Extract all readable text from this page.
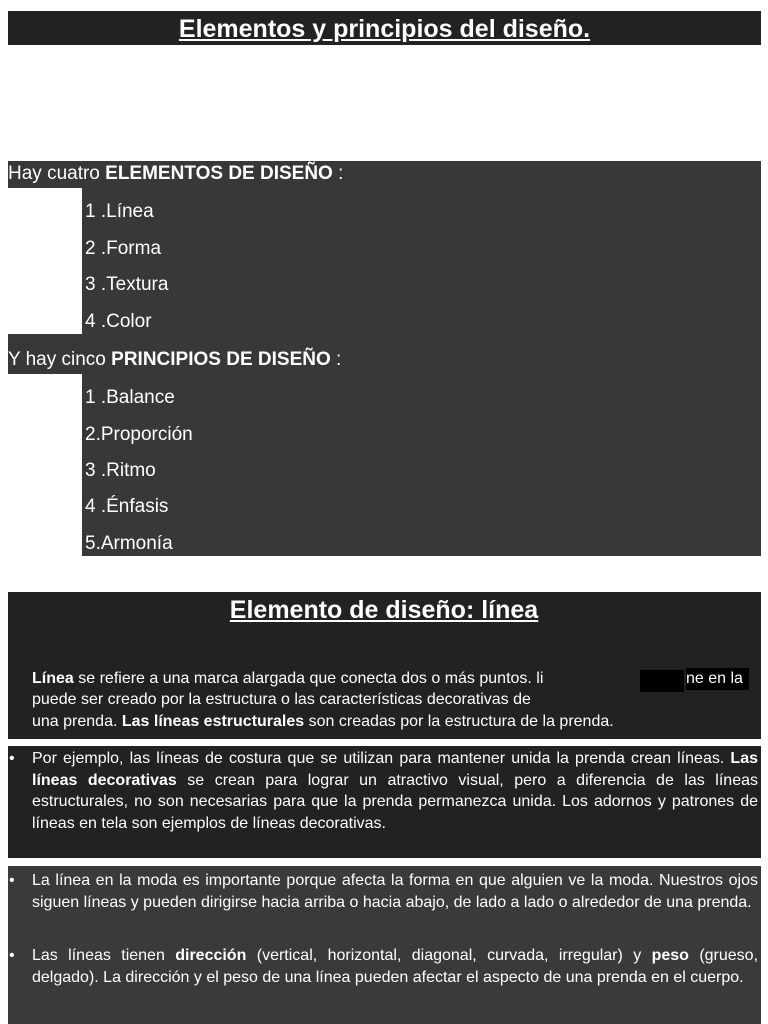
Elementos y principios del diseño.
Hay cuatro ELEMENTOS DE DISEÑO :
1 .Línea
2 .Forma
3 .Textura
4 .Color
Y hay cinco PRINCIPIOS DE DISEÑO :
1 .Balance
2.Proporción
3 .Ritmo
4 .Énfasis
5.Armonía
Elemento de diseño: línea
Línea se refiere a una marca alargada que conecta dos o más puntos. li	ne en la
puede ser creado por la estructura o las características decorativas de
una prenda. Las líneas estructurales son creadas por la estructura de la prenda.
• Por ejemplo, las líneas de costura que se utilizan para mantener unida la prenda crean líneas. Las líneas decorativas se crean para lograr un atractivo visual, pero a diferencia de las líneas estructurales, no son necesarias para que la prenda permanezca unida. Los adornos y patrones de líneas en tela son ejemplos de líneas decorativas.
• La línea en la moda es importante porque afecta la forma en que alguien ve la moda. Nuestros ojos siguen líneas y pueden dirigirse hacia arriba o hacia abajo, de lado a lado o alrededor de una prenda.
• Las líneas tienen dirección (vertical, horizontal, diagonal, curvada, irregular) y peso (grueso, delgado). La dirección y el peso de una línea pueden afectar el aspecto de una prenda en el cuerpo.
